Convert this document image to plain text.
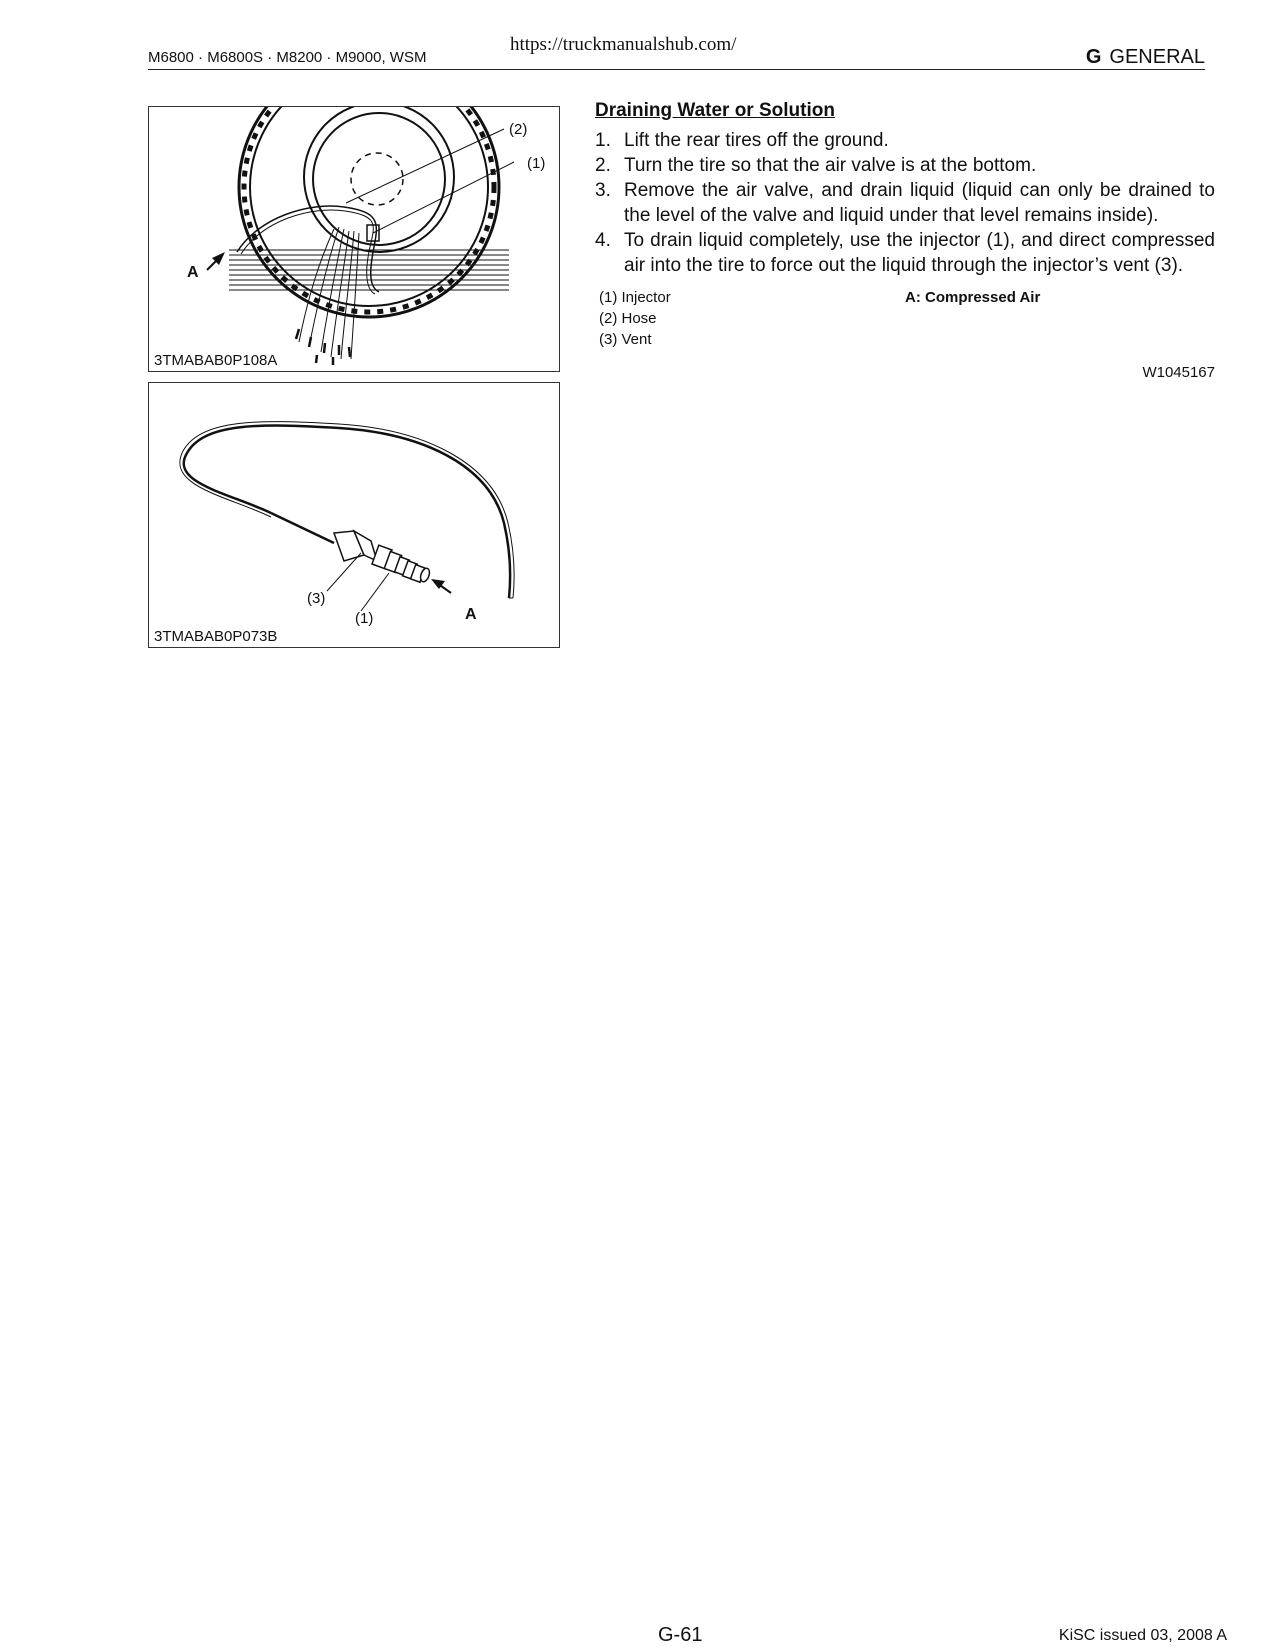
https://truckmanualshub.com/
M6800 · M6800S · M8200 · M9000, WSM	G GENERAL
(2)
(1)
A
3TMABAB0P108A
(3)
(1)	A
3TMABAB0P073B
Draining Water or Solution
1. Lift the rear tires off the ground.
2. Turn the tire so that the air valve is at the bottom.
3. Remove the air valve, and drain liquid (liquid can only be drained to the level of the valve and liquid under that level remains inside).
4. To drain liquid completely, use the injector (1), and direct compressed air into the tire to force out the liquid through the injector’s vent (3).
(1) Injector
(2) Hose
(3) Vent
A: Compressed Air
W1045167
G-61	KiSC issued 03, 2008 A
